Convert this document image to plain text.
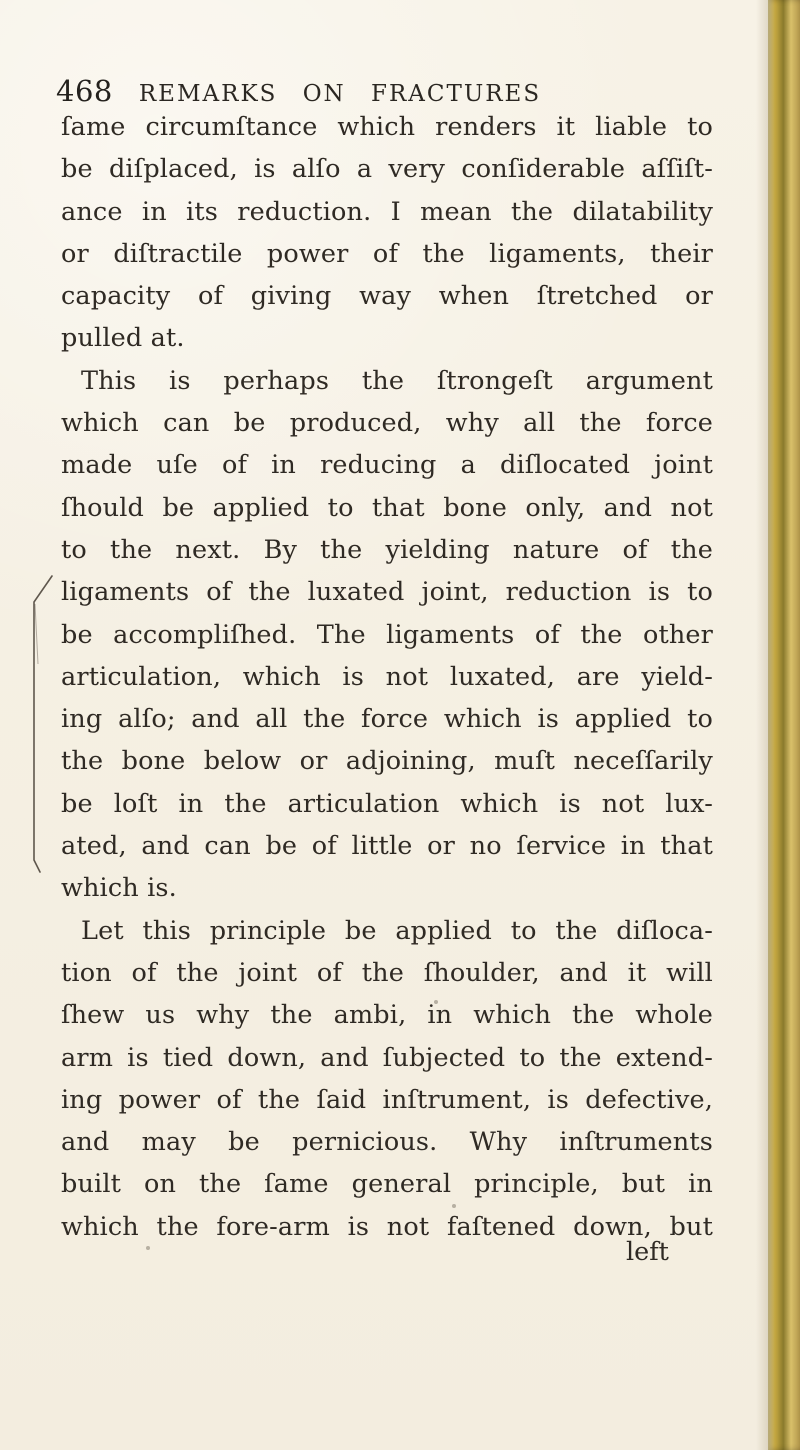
468 REMARKS ON FRACTURES
ſame circumſtance which renders it liable to
be diſplaced, is alſo a very conſiderable aſſiſt-
ance in its reduction. I mean the dilatability
or diſtractile power of the ligaments, their
capacity of giving way when ſtretched or
pulled at.
This is perhaps the ſtrongeſt argument
which can be produced, why all the force
made uſe of in reducing a diſlocated joint
ſhould be applied to that bone only, and not
to the next. By the yielding nature of the
ligaments of the luxated joint, reduction is to
be accompliſhed. The ligaments of the other
articulation, which is not luxated, are yield-
ing alſo; and all the force which is applied to
the bone below or adjoining, muſt neceſſarily
be loſt in the articulation which is not lux-
ated, and can be of little or no ſervice in that
which is.
Let this principle be applied to the diſloca-
tion of the joint of the ſhoulder, and it will
ſhew us why the ambi, in which the whole
arm is tied down, and ſubjected to the extend-
ing power of the ſaid inſtrument, is defective,
and may be pernicious. Why inſtruments
built on the ſame general principle, but in
which the fore-arm is not faſtened down, but
left
